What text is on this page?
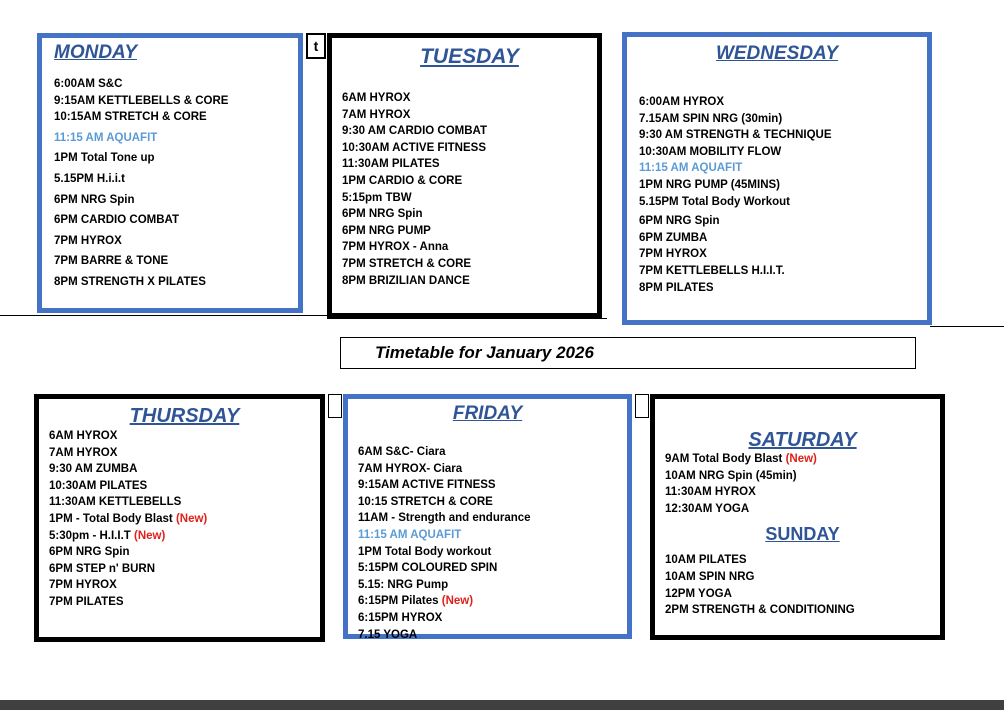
MONDAY
6:00AM S&C
9:15AM KETTLEBELLS & CORE
10:15AM STRETCH & CORE
11:15 AM AQUAFIT
1PM Total Tone up
5.15PM H.i.i.t
6PM NRG Spin
6PM CARDIO COMBAT
7PM HYROX
7PM BARRE & TONE
8PM STRENGTH X PILATES
t	TUESDAY
6AM HYROX
7AM HYROX
9:30 AM CARDIO COMBAT
10:30AM ACTIVE FITNESS
11:30AM PILATES
1PM CARDIO & CORE
5:15pm TBW
6PM NRG Spin
6PM NRG PUMP
7PM HYROX - Anna
7PM STRETCH & CORE
8PM BRIZILIAN DANCE
WEDNESDAY
6:00AM HYROX
7.15AM SPIN NRG (30min)
9:30 AM STRENGTH & TECHNIQUE
10:30AM MOBILITY FLOW
11:15 AM AQUAFIT
1PM NRG PUMP (45MINS)
5.15PM Total Body Workout
6PM NRG Spin
6PM ZUMBA
7PM HYROX
7PM KETTLEBELLS H.I.I.T.
8PM PILATES
Timetable for January 2026
THURSDAY
6AM HYROX
7AM HYROX
9:30 AM ZUMBA
10:30AM PILATES
11:30AM KETTLEBELLS
1PM - Total Body Blast (New)
5:30pm - H.I.I.T (New)
6PM NRG Spin
6PM STEP n' BURN
7PM HYROX
7PM PILATES
FRIDAY
6AM S&C- Ciara
7AM HYROX- Ciara
9:15AM ACTIVE FITNESS
10:15 STRETCH & CORE
11AM - Strength and endurance
11:15 AM AQUAFIT
1PM Total Body workout
5:15PM COLOURED SPIN
5.15: NRG Pump
6:15PM Pilates (New)
6:15PM HYROX
7.15 YOGA
SATURDAY
9AM Total Body Blast (New)
10AM NRG Spin (45min)
11:30AM HYROX
12:30AM YOGA
SUNDAY
10AM PILATES
10AM SPIN NRG
12PM YOGA
2PM STRENGTH & CONDITIONING
